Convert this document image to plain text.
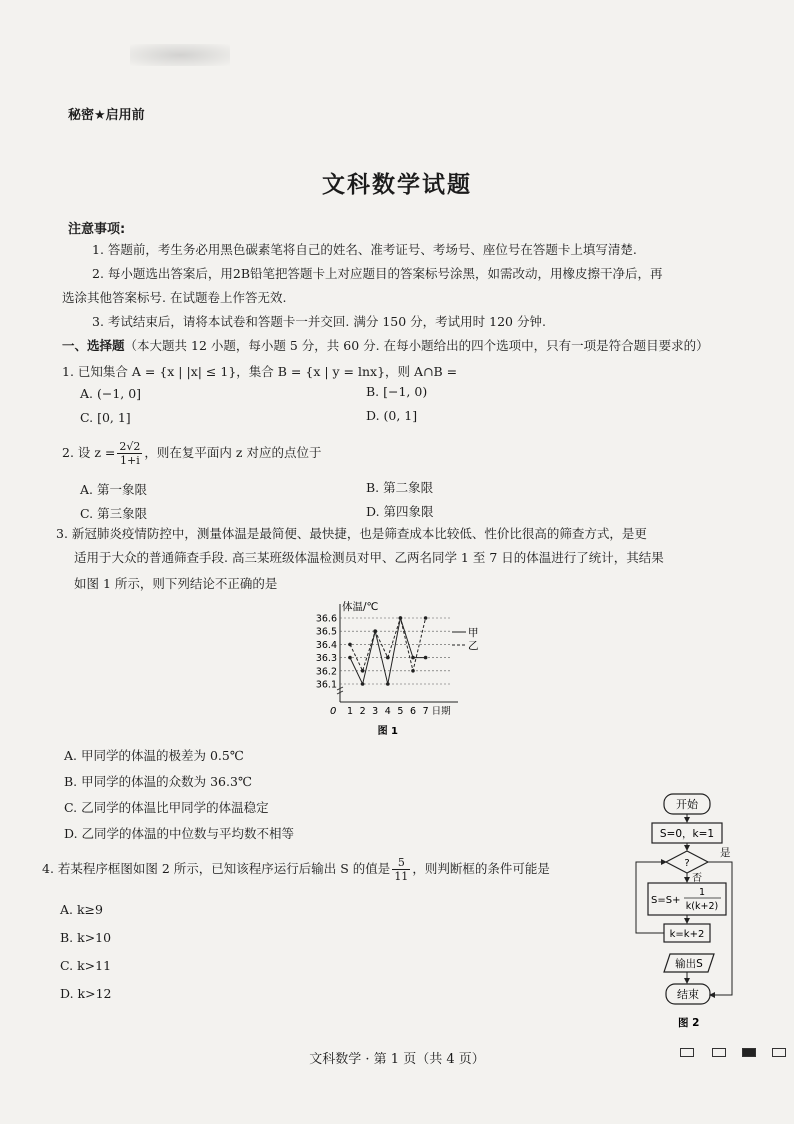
秘密★启用前
文科数学试题
注意事项:
1. 答题前，考生务必用黑色碳素笔将自己的姓名、准考证号、考场号、座位号在答题卡上填写清楚.
2. 每小题选出答案后，用2B铅笔把答题卡上对应题目的答案标号涂黑，如需改动，用橡皮擦干净后，再
选涂其他答案标号. 在试题卷上作答无效.
3. 考试结束后，请将本试卷和答题卡一并交回. 满分 150 分，考试用时 120 分钟.
一、选择题（本大题共 12 小题，每小题 5 分，共 60 分. 在每小题给出的四个选项中，只有一项是符合题目要求的）
1. 已知集合 A = {x | |x| ≤ 1}，集合 B = {x | y = lnx}，则 A∩B =
A. (−1, 0]	B. [−1, 0)
C. [0, 1]	D. (0, 1]
2. 设 $z = \frac{2√2}{1+i}$ ，则在复平面内 z 对应的点位于
A. 第一象限	B. 第二象限
C. 第三象限	D. 第四象限
3. 新冠肺炎疫情防控中，测量体温是最简便、最快捷，也是筛查成本比较低、性价比很高的筛查方式，是更
适用于大众的普通筛查手段. 高三某班级体温检测员对甲、乙两名同学 1 至 7 日的体温进行了统计，其结果
如图 1 所示，则下列结论不正确的是
36.1
36.2
36.3
36.4
36.5
36.6
1 2 3 4 5 6 7 日期
体温/℃
0
甲
乙
图 1
A. 甲同学的体温的极差为 0.5℃
B. 甲同学的体温的众数为 36.3℃
C. 乙同学的体温比甲同学的体温稳定
D. 乙同学的体温的中位数与平均数不相等
4. 若某程序框图如图 2 所示，已知该程序运行后输出 S 的值是 $\frac{5}{11}$ ，则判断框的条件可能是
A. k≥9
B. k>10
C. k>11
D. k>12
开始
S=0，k=1
?
是
否
S=S+
1
k(k+2)
k=k+2
输出S
结束
图 2
文科数学 · 第 1 页（共 4 页）
